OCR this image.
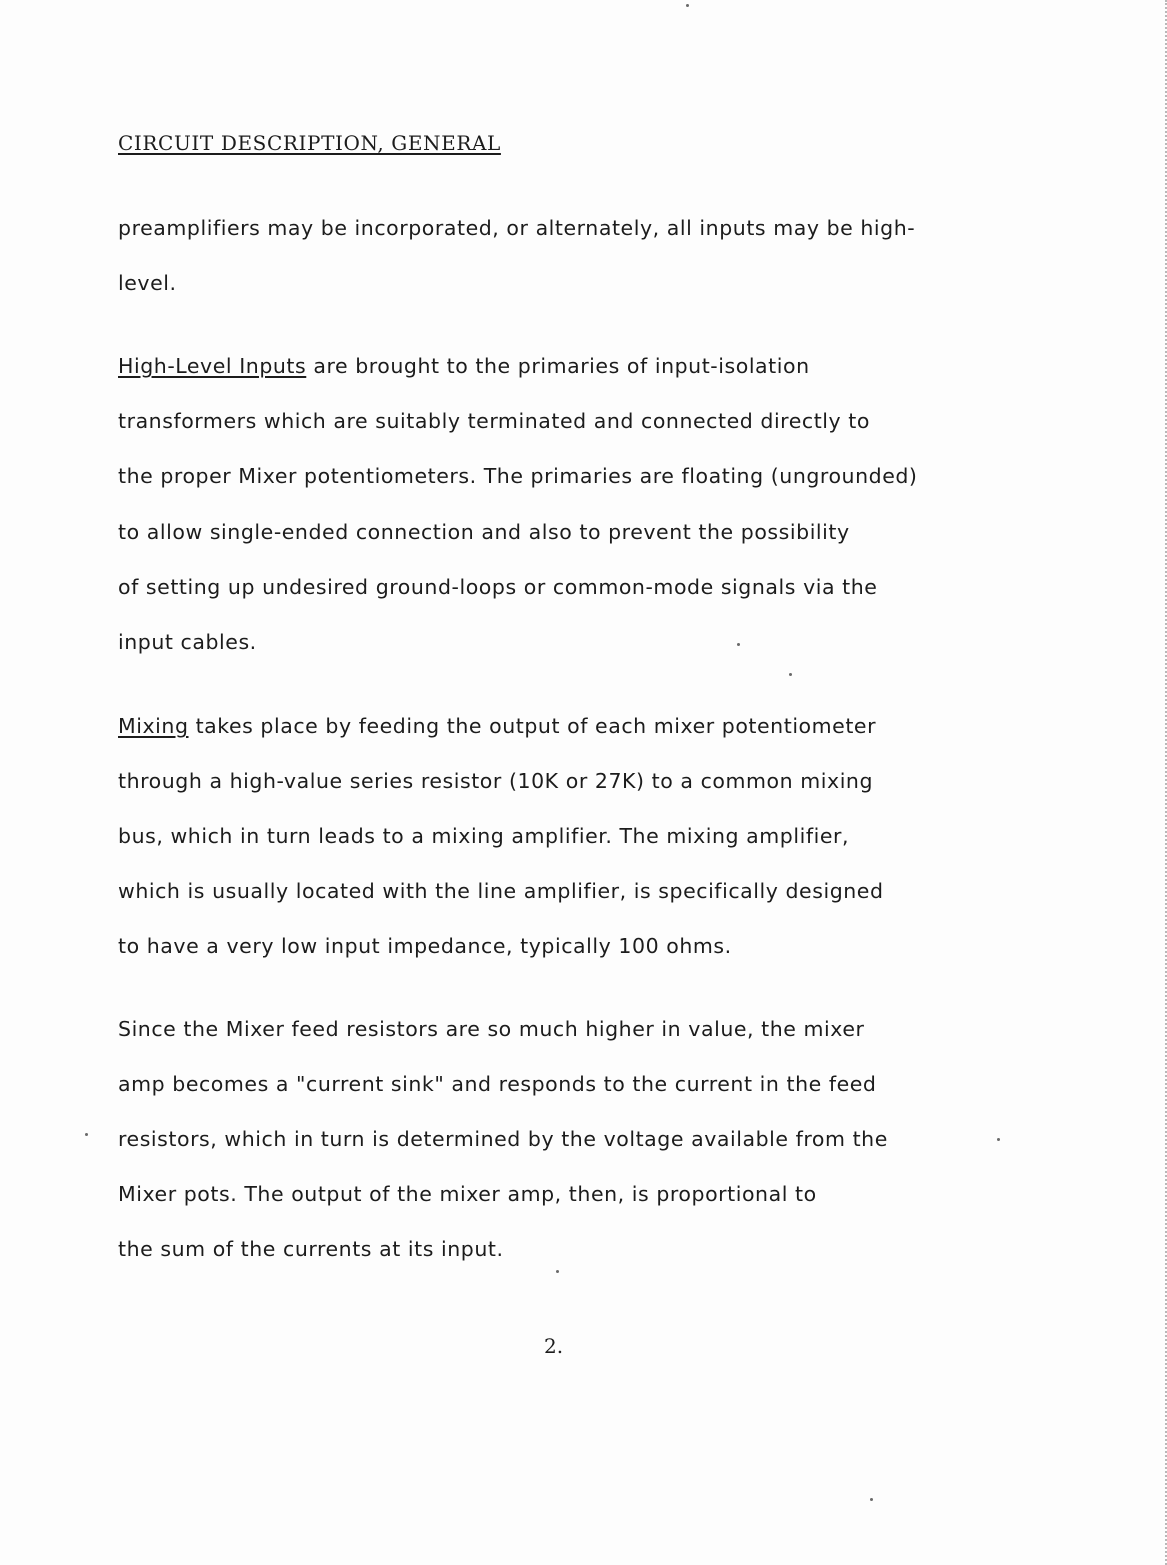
CIRCUIT DESCRIPTION, GENERAL
preamplifiers may be incorporated, or alternately, all inputs may be high-
level.
High-Level Inputs are brought to the primaries of input-isolation
transformers which are suitably terminated and connected directly to
the proper Mixer potentiometers. The primaries are floating (ungrounded)
to allow single-ended connection and also to prevent the possibility
of setting up undesired ground-loops or common-mode signals via the
input cables.
Mixing takes place by feeding the output of each mixer potentiometer
through a high-value series resistor (10K or 27K) to a common mixing
bus, which in turn leads to a mixing amplifier. The mixing amplifier,
which is usually located with the line amplifier, is specifically designed
to have a very low input impedance, typically 100 ohms.
Since the Mixer feed resistors are so much higher in value, the mixer
amp becomes a "current sink" and responds to the current in the feed
resistors, which in turn is determined by the voltage available from the
Mixer pots. The output of the mixer amp, then, is proportional to
the sum of the currents at its input.
2.
